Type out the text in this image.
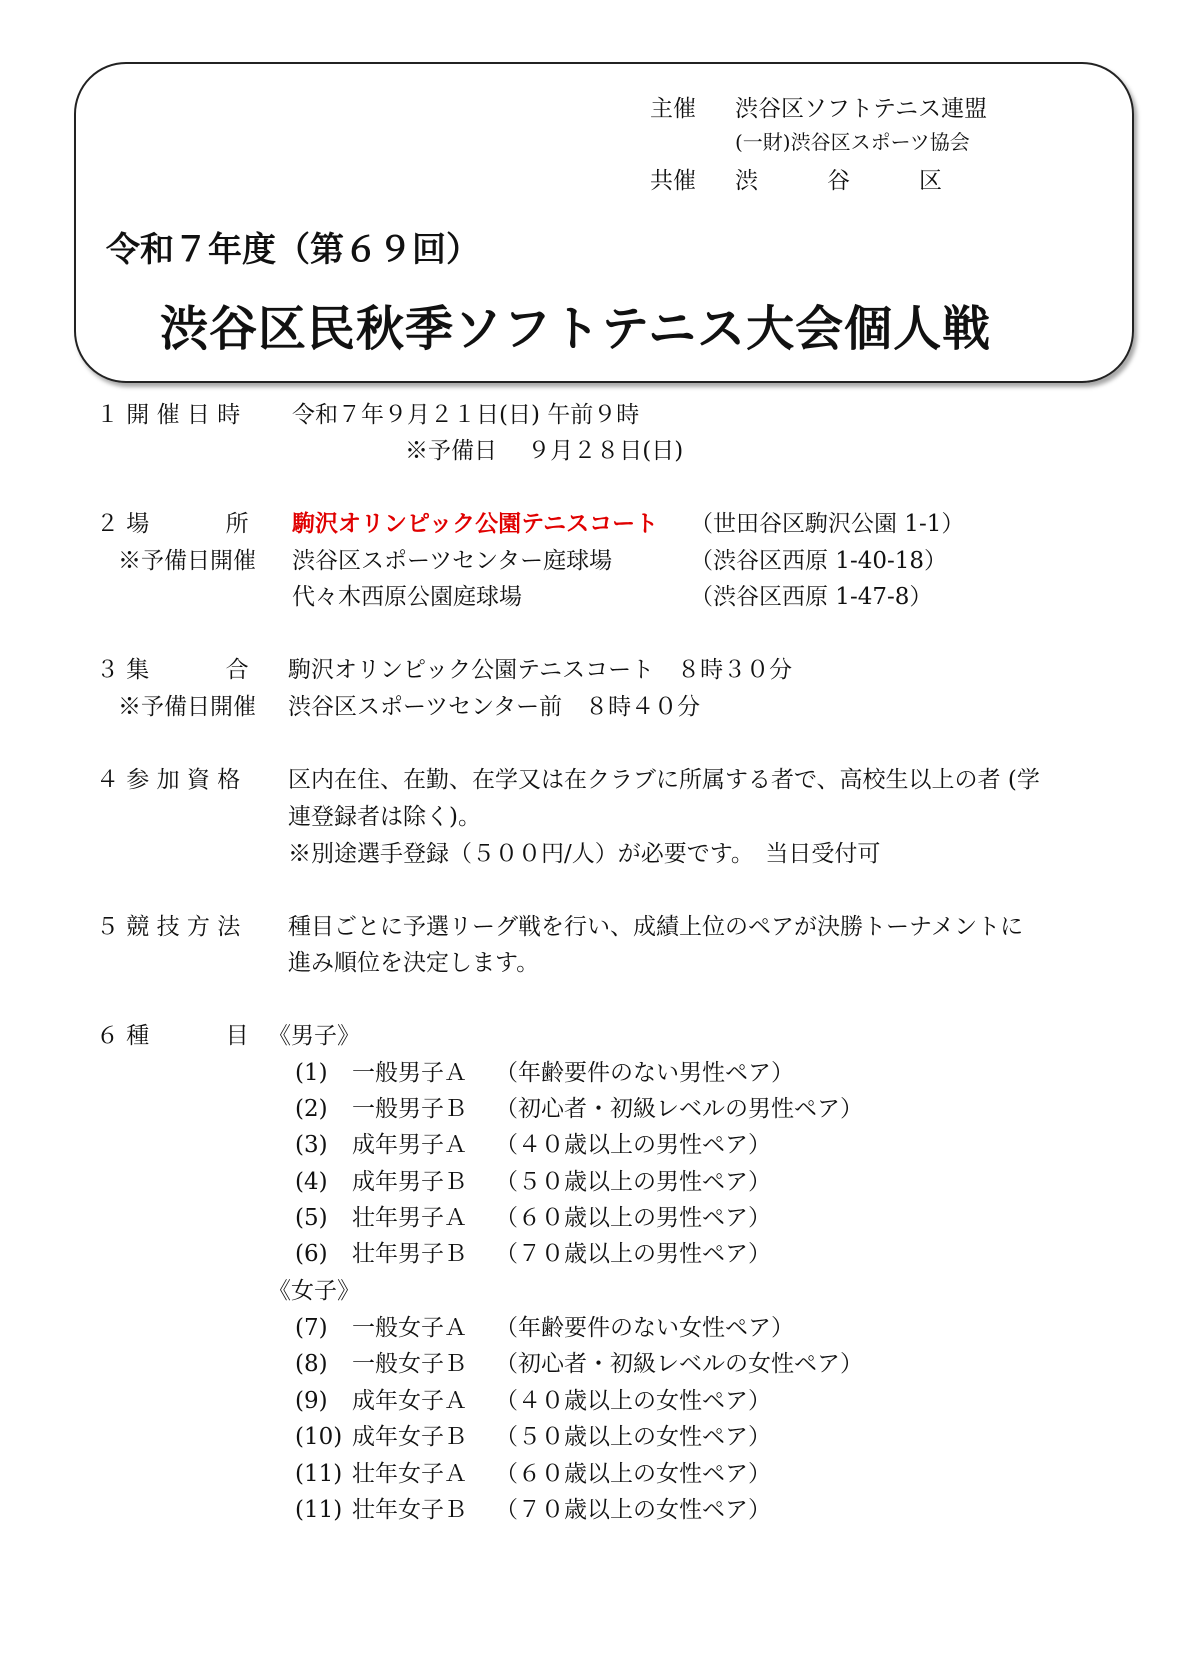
主催 渋谷区ソフトテニス連盟
(一財)渋谷区スポーツ協会
共催 渋　　　谷　　　区
令和７年度（第６９回）
渋谷区民秋季ソフトテニス大会個人戦
１ 開 催 日 時 令和７年９月２１日(日) 午前９時
※予備日　 ９月２８日(日)
２ 場　　　 所 駒沢オリンピック公園テニスコート （世田谷区駒沢公園 1-1）
※予備日開催 渋谷区スポーツセンター庭球場	（渋谷区西原 1-40-18）
代々木西原公園庭球場	（渋谷区西原 1-47-8）
３ 集　　　 合 駒沢オリンピック公園テニスコート　８時３０分
※予備日開催 渋谷区スポーツセンター前　８時４０分
４ 参 加 資 格 区内在住、在勤、在学又は在クラブに所属する者で、高校生以上の者 (学
連登録者は除く)。
※別途選手登録（５００円/人）が必要です。　当日受付可
５ 競 技 方 法 種目ごとに予選リーグ戦を行い、成績上位のペアが決勝トーナメントに
進み順位を決定します。
６ 種　　　 目 《男子》
(1) 一般男子Ａ （年齢要件のない男性ペア）
(2) 一般男子Ｂ （初心者・初級レベルの男性ペア）
(3) 成年男子Ａ （４０歳以上の男性ペア）
(4) 成年男子Ｂ （５０歳以上の男性ペア）
(5) 壮年男子Ａ （６０歳以上の男性ペア）
(6) 壮年男子Ｂ （７０歳以上の男性ペア）
《女子》
(7) 一般女子Ａ （年齢要件のない女性ペア）
(8) 一般女子Ｂ （初心者・初級レベルの女性ペア）
(9) 成年女子Ａ （４０歳以上の女性ペア）
(10) 成年女子Ｂ （５０歳以上の女性ペア）
(11) 壮年女子Ａ （６０歳以上の女性ペア）
(11) 壮年女子Ｂ （７０歳以上の女性ペア）
